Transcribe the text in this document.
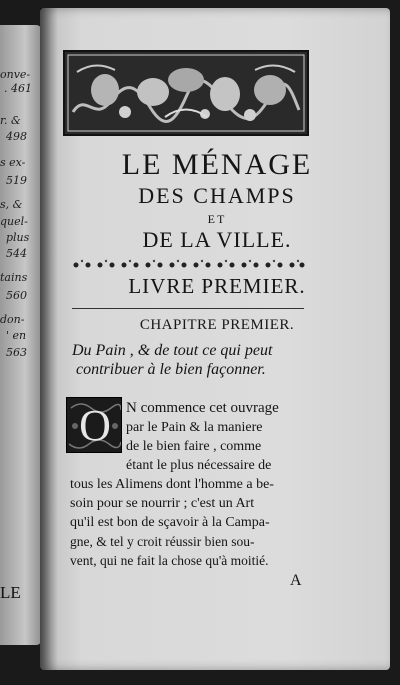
onve-
. 461
r. &
498
s ex-
519
s, &
quel-
plus
544
tains
560
don-
' en
563
LE
LE MÉNAGE
DES CHAMPS
ET
DE LA VILLE.
LIVRE PREMIER.
CHAPITRE PREMIER.
Du Pain , & de tout ce qui peut
contribuer à le bien façonner.
O	N commence cet ouvrage
par le Pain & la maniere
de le bien faire , comme
étant le plus nécessaire de
tous les Alimens dont l'homme a be-
soin pour se nourrir ; c'est un Art
qu'il est bon de sçavoir à la Campa-
gne, & tel y croit réussir bien sou-
A
vent, qui ne fait la chose qu'à moitié.
